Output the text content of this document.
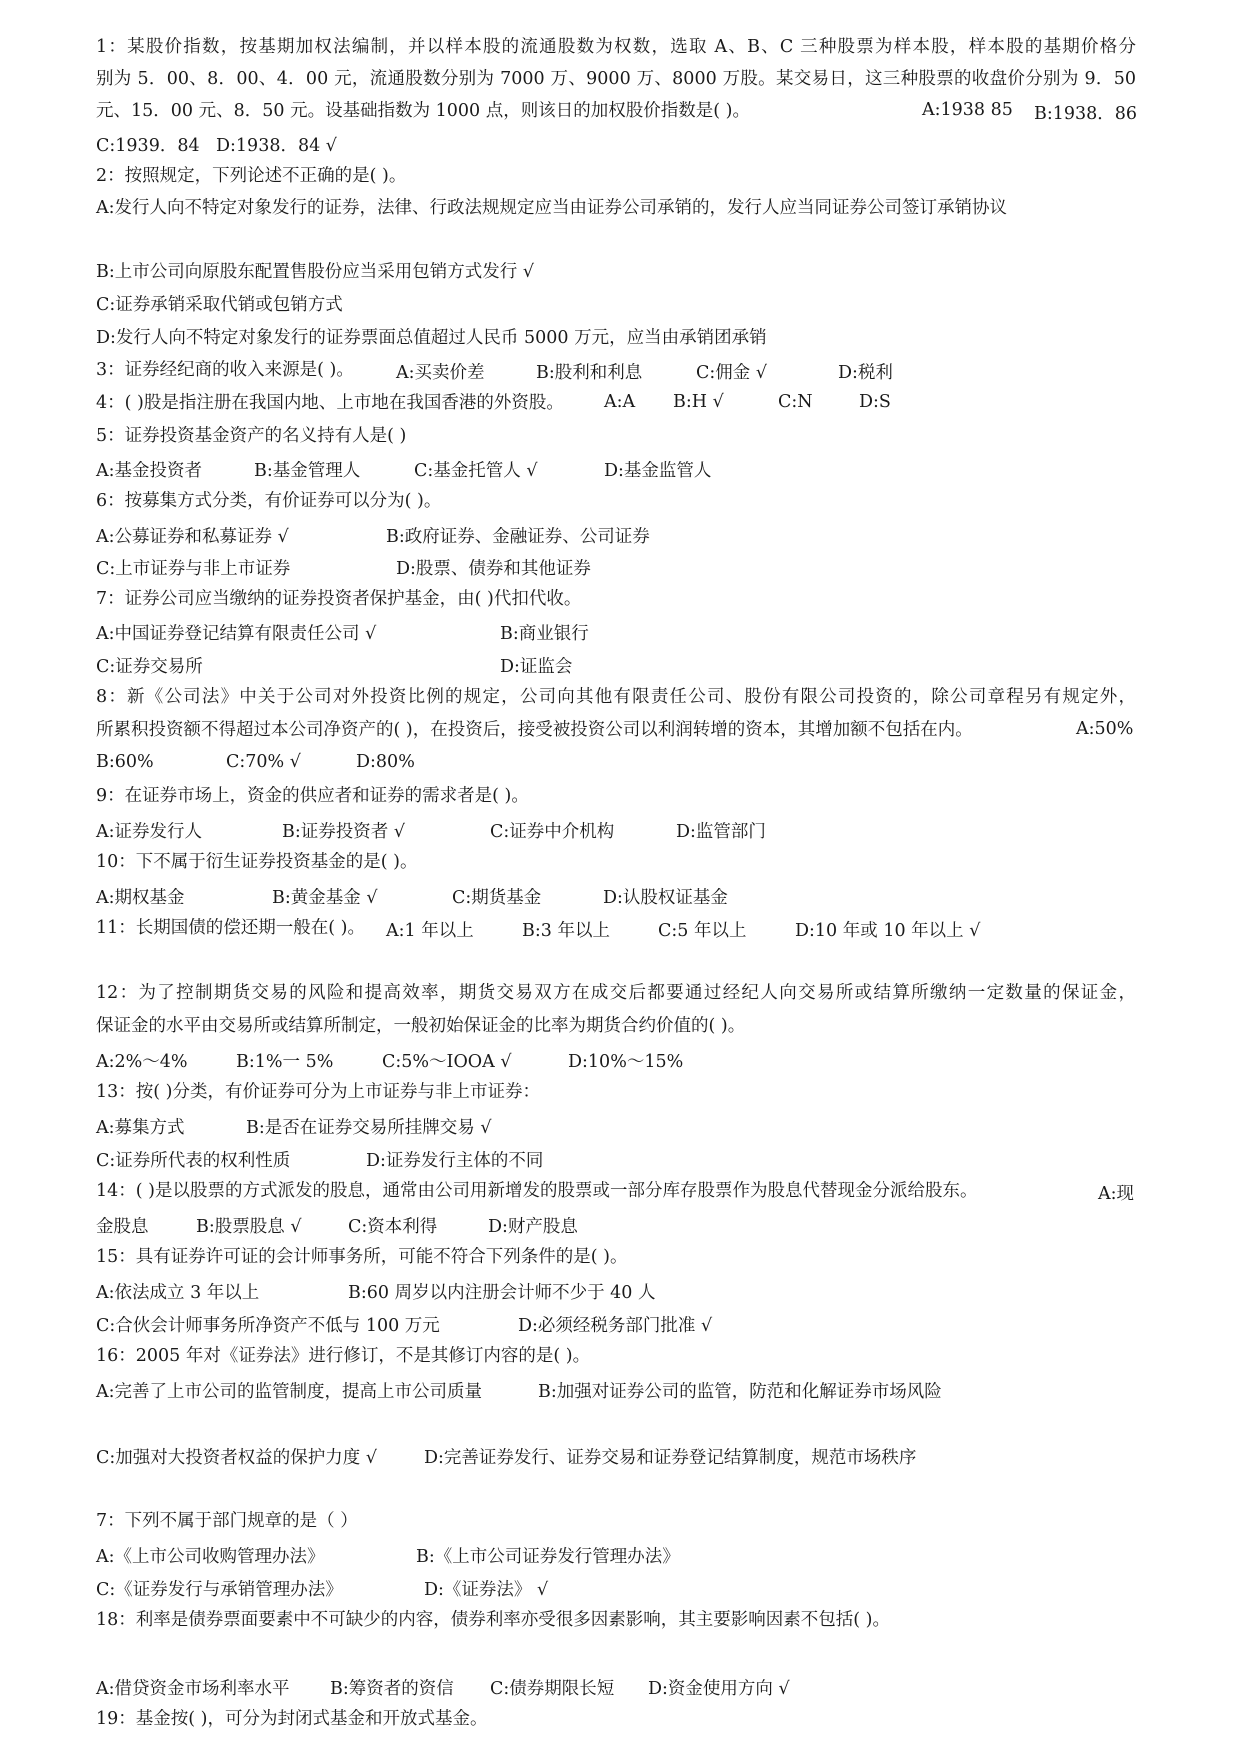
1：某股价指数，按基期加权法编制，并以样本股的流通股数为权数，选取 A、B、C 三种股票为样本股，样本股的基期价格分
别为 5．00、8．00、4．00 元，流通股数分别为 7000 万、9000 万、8000 万股。某交易日，这三种股票的收盘价分别为 9．50
元、15．00 元、8．50 元。设基础指数为 1000 点，则该日的加权股价指数是( )。	A:1938 85 B:1938．86
C:1939．84 D:1938．84 √
2：按照规定，下列论述不正确的是( )。
A:发行人向不特定对象发行的证券，法律、行政法规规定应当由证券公司承销的，发行人应当同证券公司签订承销协议
B:上市公司向原股东配置售股份应当采用包销方式发行 √
C:证券承销采取代销或包销方式
D:发行人向不特定对象发行的证券票面总值超过人民币 5000 万元，应当由承销团承销
3：证券经纪商的收入来源是( )。 A:买卖价差	B:股利和利息	C:佣金 √	D:税利
4：( )股是指注册在我国内地、上市地在我国香港的外资股。 A:A B:H √	C:N	D:S
5：证券投资基金资产的名义持有人是( )
A:基金投资者	B:基金管理人	C:基金托管人 √	D:基金监管人
6：按募集方式分类，有价证券可以分为( )。
A:公募证券和私募证券 √	B:政府证券、金融证券、公司证券
C:上市证券与非上市证券	D:股票、债券和其他证券
7：证券公司应当缴纳的证券投资者保护基金，由( )代扣代收。
A:中国证券登记结算有限责任公司 √	B:商业银行
C:证券交易所	D:证监会
8：新《公司法》中关于公司对外投资比例的规定，公司向其他有限责任公司、股份有限公司投资的，除公司章程另有规定外，
所累积投资额不得超过本公司净资产的( )，在投资后，接受被投资公司以利润转增的资本，其增加额不包括在内。	A:50%
B:60%	C:70% √	D:80%
9：在证券市场上，资金的供应者和证券的需求者是( )。
A:证券发行人	B:证券投资者 √	C:证券中介机构	D:监管部门
10：下不属于衍生证券投资基金的是( )。
A:期权基金	B:黄金基金 √	C:期货基金	D:认股权证基金
11：长期国债的偿还期一般在( )。 A:1 年以上	B:3 年以上	C:5 年以上	D:10 年或 10 年以上 √
12：为了控制期货交易的风险和提高效率，期货交易双方在成交后都要通过经纪人向交易所或结算所缴纳一定数量的保证金，
保证金的水平由交易所或结算所制定，一般初始保证金的比率为期货合约价值的( )。
A:2%～4%	B:1%一 5%	C:5%～IOOA √	D:10%～15%
13：按( )分类，有价证券可分为上市证券与非上市证券：
A:募集方式	B:是否在证券交易所挂牌交易 √
C:证券所代表的权利性质	D:证券发行主体的不同
14：( )是以股票的方式派发的股息，通常由公司用新增发的股票或一部分库存股票作为股息代替现金分派给股东。	A:现
金股息	B:股票股息 √	C:资本利得	D:财产股息
15：具有证券许可证的会计师事务所，可能不符合下列条件的是( )。
A:依法成立 3 年以上	B:60 周岁以内注册会计师不少于 40 人
C:合伙会计师事务所净资产不低与 100 万元	D:必须经税务部门批准 √
16：2005 年对《证券法》进行修订，不是其修订内容的是( )。
A:完善了上市公司的监管制度，提高上市公司质量	B:加强对证券公司的监管，防范和化解证券市场风险
C:加强对大投资者权益的保护力度 √	D:完善证券发行、证券交易和证券登记结算制度，规范市场秩序
7：下列不属于部门规章的是（ ）
A:《上市公司收购管理办法》	B:《上市公司证券发行管理办法》
C:《证券发行与承销管理办法》	D:《证券法》 √
18：利率是债券票面要素中不可缺少的内容，债券利率亦受很多因素影响，其主要影响因素不包括( )。
A:借贷资金市场利率水平 B:筹资者的资信 C:债券期限长短 D:资金使用方向 √
19：基金按( )，可分为封闭式基金和开放式基金。
